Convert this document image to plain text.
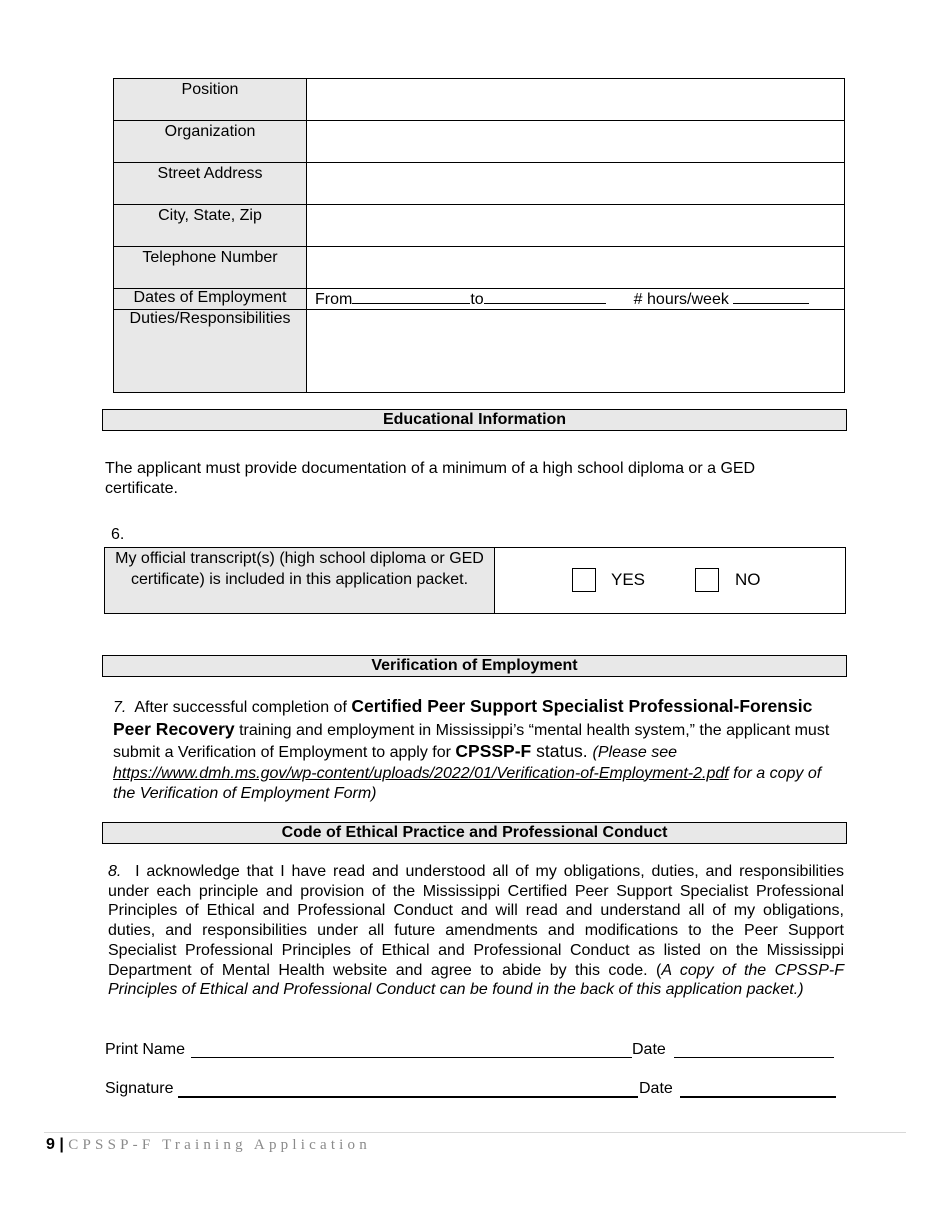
Position	
Organization	
Street Address	
City, State, Zip	
Telephone Number	
Dates of Employment	From to # hours/week
Duties/Responsibilities	
Educational Information
The applicant must provide documentation of a minimum of a high school diploma or a GED certificate.
6.
My official transcript(s) (high school diploma or GED certificate) is included in this application packet.	YES	NO
Verification of Employment
7. After successful completion of Certified Peer Support Specialist Professional-Forensic Peer Recovery training and employment in Mississippi’s “mental health system,” the applicant must submit a Verification of Employment to apply for CPSSP-F status. (Please see https://www.dmh.ms.gov/wp-content/uploads/2022/01/Verification-of-Employment-2.pdf for a copy of the Verification of Employment Form)
Code of Ethical Practice and Professional Conduct
8. I acknowledge that I have read and understood all of my obligations, duties, and responsibilities under each principle and provision of the Mississippi Certified Peer Support Specialist Professional Principles of Ethical and Professional Conduct and will read and understand all of my obligations, duties, and responsibilities under all future amendments and modifications to the Peer Support Specialist Professional Principles of Ethical and Professional Conduct as listed on the Mississippi Department of Mental Health website and agree to abide by this code. (A copy of the CPSSP-F Principles of Ethical and Professional Conduct can be found in the back of this application packet.)
Print Name	Date
Signature	Date
9 | CPSSP-F Training Application
